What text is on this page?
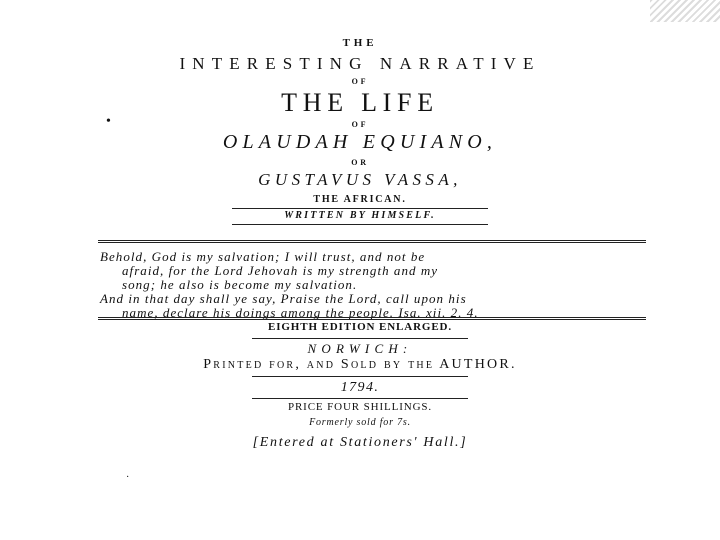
THE
INTERESTING NARRATIVE
OF
THE LIFE
•	OF
OLAUDAH EQUIANO,
OR
GUSTAVUS VASSA,
THE AFRICAN.
WRITTEN BY HIMSELF.
Behold, God is my salvation; I will trust, and not be
afraid, for the Lord Jehovah is my strength and my
song; he also is become my salvation.
And in that day shall ye say, Praise the Lord, call upon his
name, declare his doings among the people. Isa. xii. 2. 4.
EIGHTH EDITION ENLARGED.
NORWICH:
Printed for, and Sold by the AUTHOR.
1794.
PRICE FOUR SHILLINGS.
Formerly sold for 7s.
[Entered at Stationers' Hall.]
·
